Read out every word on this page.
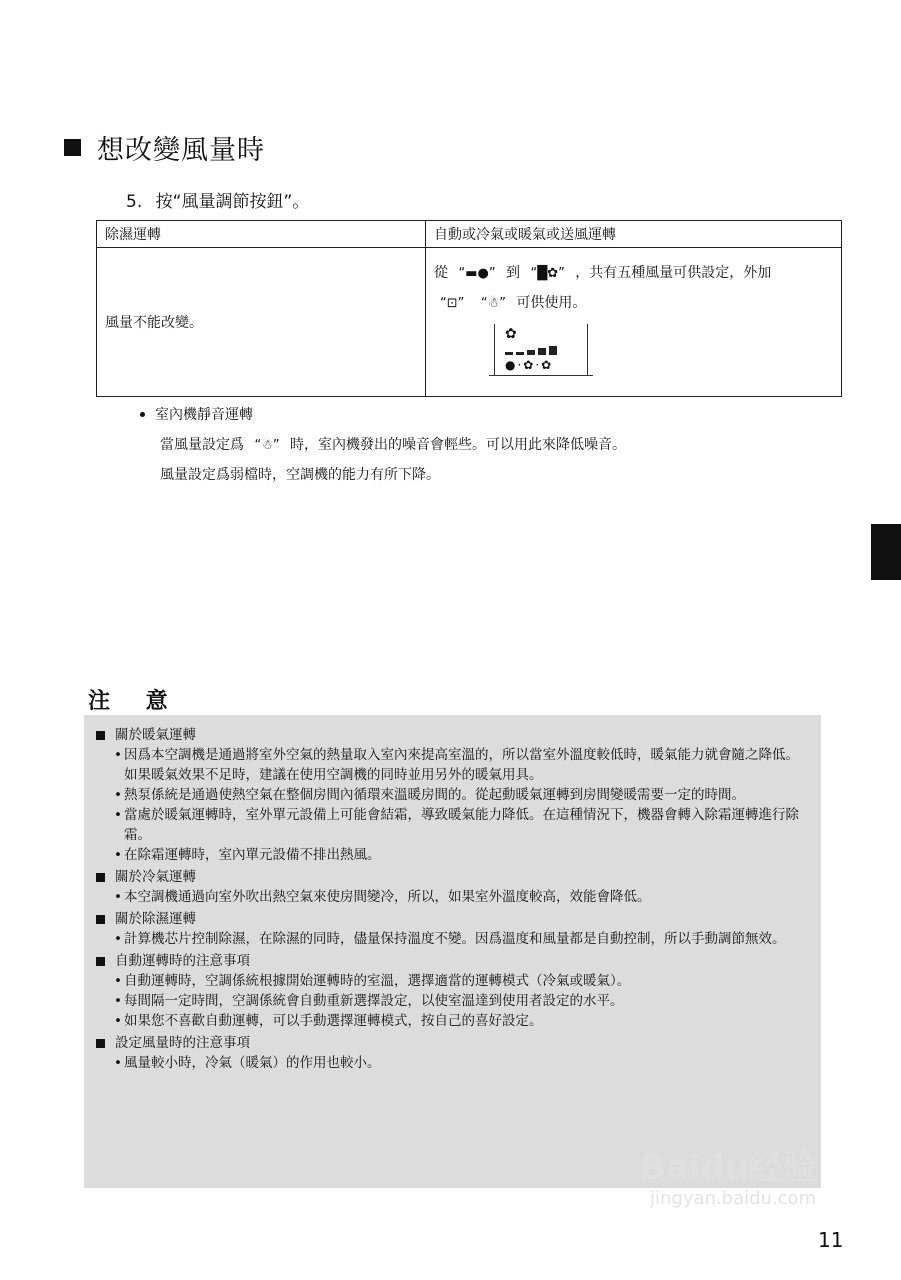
想改變風量時
5. 按“風量調節按鈕”。
除濕運轉	自動或冷氣或暖氣或送風運轉
風量不能改變。	從 “▬●” 到 “█✿” ，共有五種風量可供設定，外加
“⊡” “☃” 可供使用。
✿
●·✿·✿
室內機靜音運轉
當風量設定爲 “☃” 時，室內機發出的噪音會輕些。可以用此來降低噪音。
風量設定爲弱檔時，空調機的能力有所下降。
注 意
關於暖氣運轉
• 因爲本空調機是通過將室外空氣的熱量取入室內來提高室溫的，所以當室外溫度較低時，暖氣能力就會隨之降低。如果暖氣效果不足時，建議在使用空調機的同時並用另外的暖氣用具。
• 熱泵係統是通過使熱空氣在整個房間內循環來溫暖房間的。從起動暖氣運轉到房間變暖需要一定的時間。
• 當處於暖氣運轉時，室外單元設備上可能會結霜，導致暖氣能力降低。在這種情況下，機器會轉入除霜運轉進行除霜。
• 在除霜運轉時，室內單元設備不排出熱風。
關於冷氣運轉
• 本空調機通過向室外吹出熱空氣來使房間變冷，所以，如果室外溫度較高，效能會降低。
關於除濕運轉
• 計算機芯片控制除濕，在除濕的同時，儘量保持溫度不變。因爲溫度和風量都是自動控制，所以手動調節無效。
自動運轉時的注意事項
• 自動運轉時，空調係統根據開始運轉時的室溫，選擇適當的運轉模式（冷氣或暖氣）。
• 每間隔一定時間，空調係統會自動重新選擇設定，以使室溫達到使用者設定的水平。
• 如果您不喜歡自動運轉，可以手動選擇運轉模式，按自己的喜好設定。
設定風量時的注意事項
• 風量較小時，冷氣（暖氣）的作用也較小。
Baidu经验
jingyan.baidu.com
11
